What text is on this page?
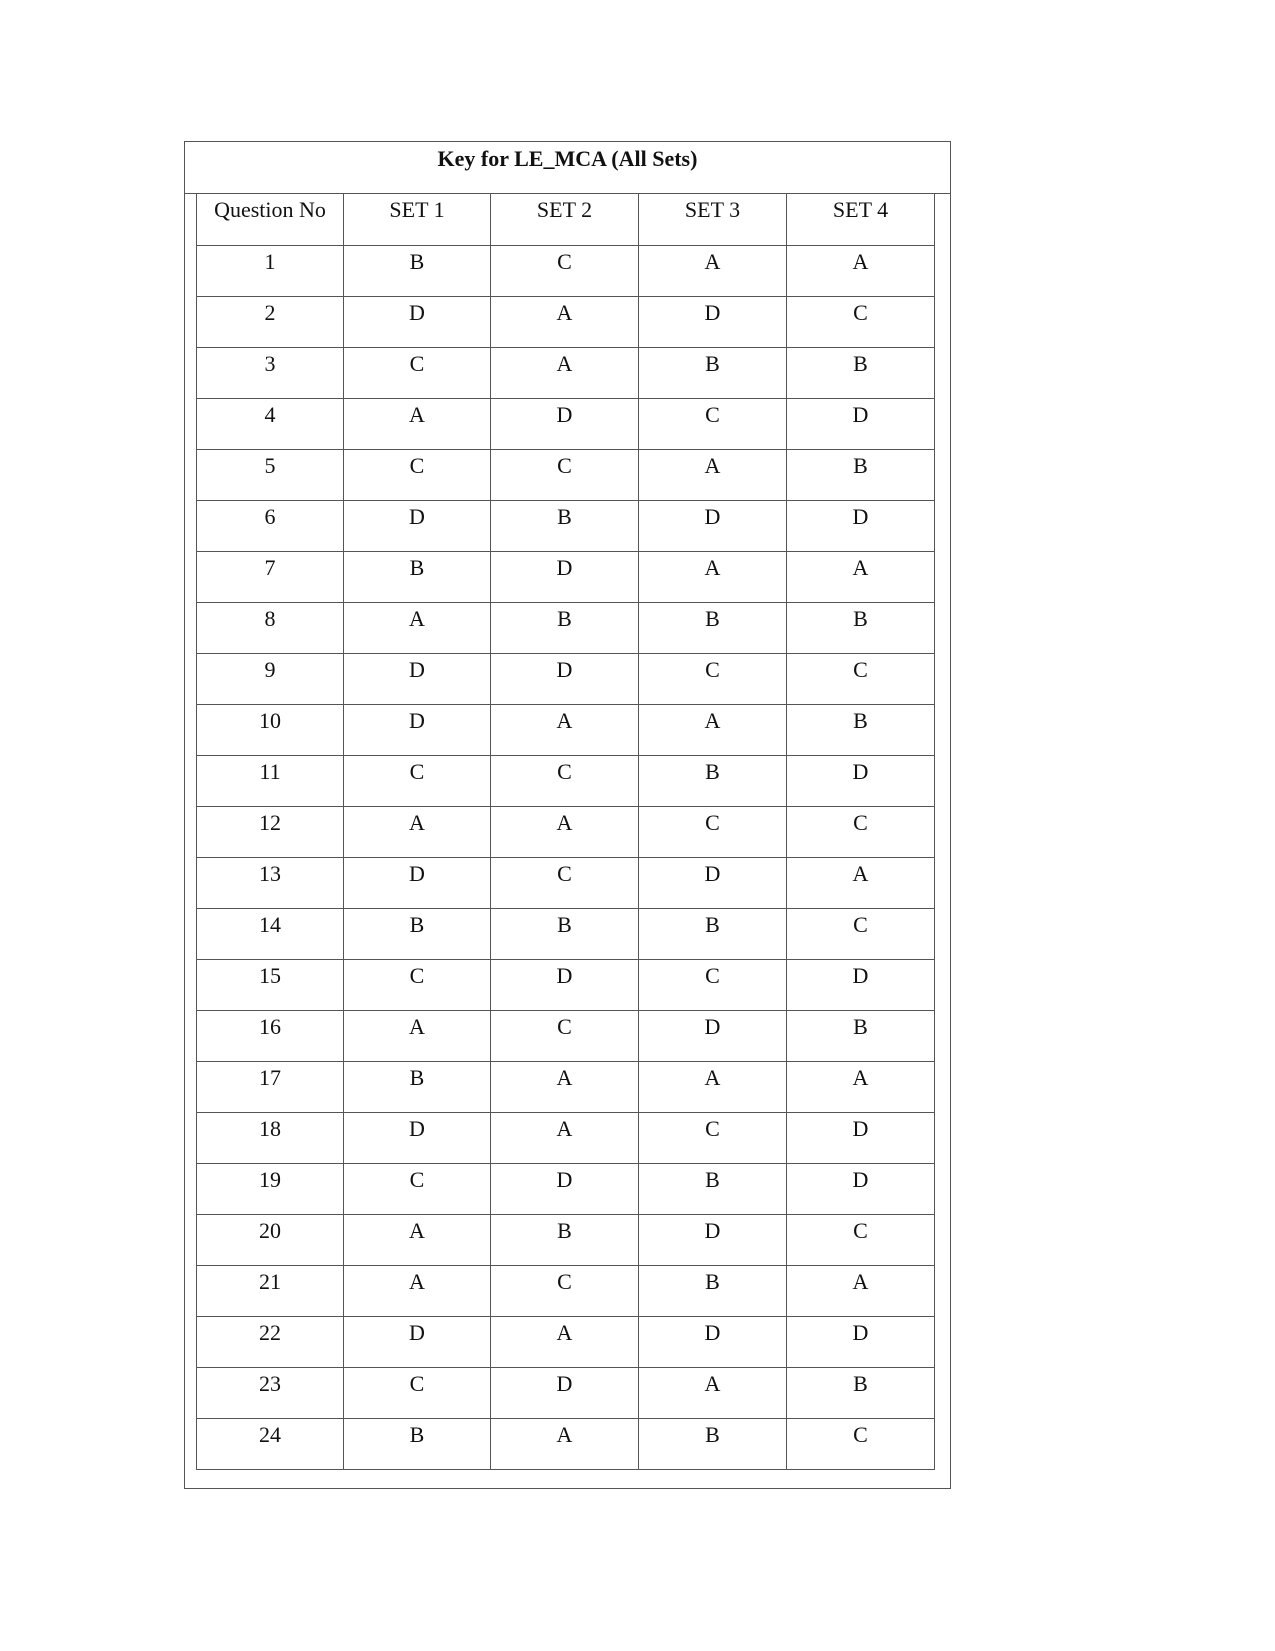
Key for LE_MCA (All Sets)
Question No	SET 1	SET 2	SET 3	SET 4

1	B	C	A	A

2	D	A	D	C

3	C	A	B	B

4	A	D	C	D

5	C	C	A	B

6	D	B	D	D

7	B	D	A	A

8	A	B	B	B

9	D	D	C	C

10	D	A	A	B

11	C	C	B	D

12	A	A	C	C

13	D	C	D	A

14	B	B	B	C

15	C	D	C	D

16	A	C	D	B

17	B	A	A	A

18	D	A	C	D

19	C	D	B	D

20	A	B	D	C

21	A	C	B	A

22	D	A	D	D

23	C	D	A	B

24	B	A	B	C
